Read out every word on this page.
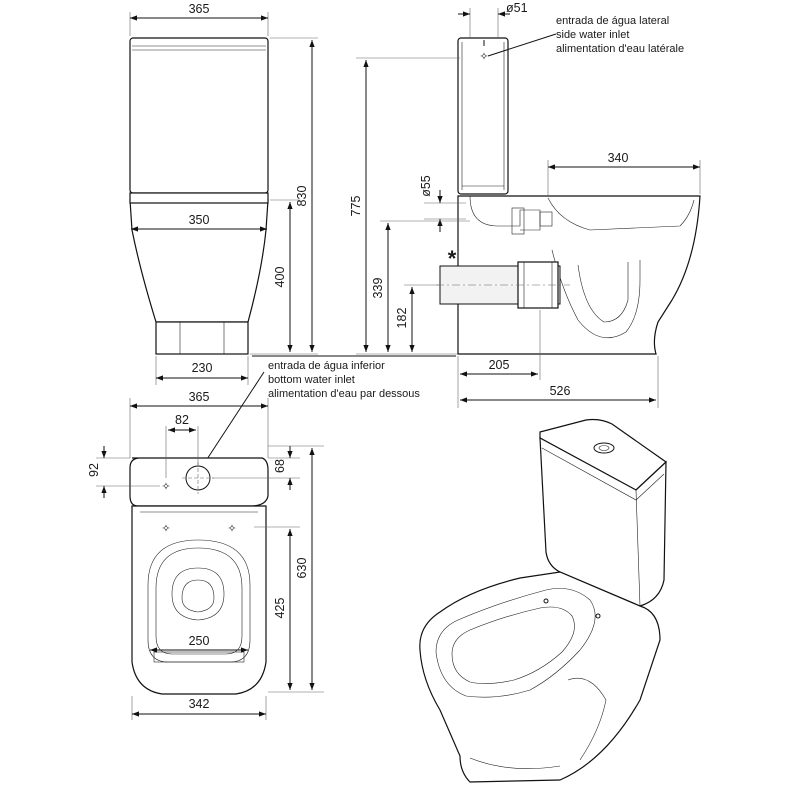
365
350
230
400
830
✧
*
ø51
entrada de água lateral
side water inlet
alimentation d'eau latérale
775
ø55
339
182
340
205
526
entrada de água inferior
bottom water inlet
alimentation d'eau par dessous
✧
✧	✧
365
82
92	68
425
630
250
342
